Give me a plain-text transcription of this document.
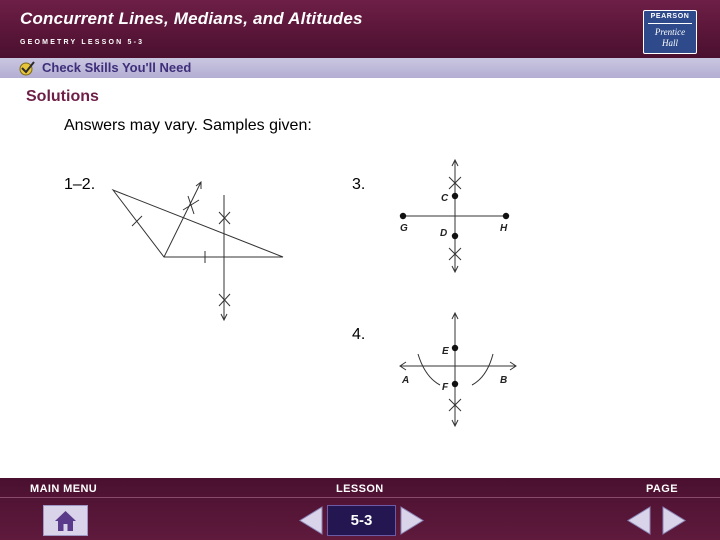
Concurrent Lines, Medians, and Altitudes
GEOMETRY LESSON 5-3
PEARSON
Prentice
Hall
Check Skills You'll Need
Solutions
Answers may vary. Samples given:
1–2.	3.
4.
C
G	D	H
E
A
F
B
MAIN MENU	LESSON	PAGE
5-3
